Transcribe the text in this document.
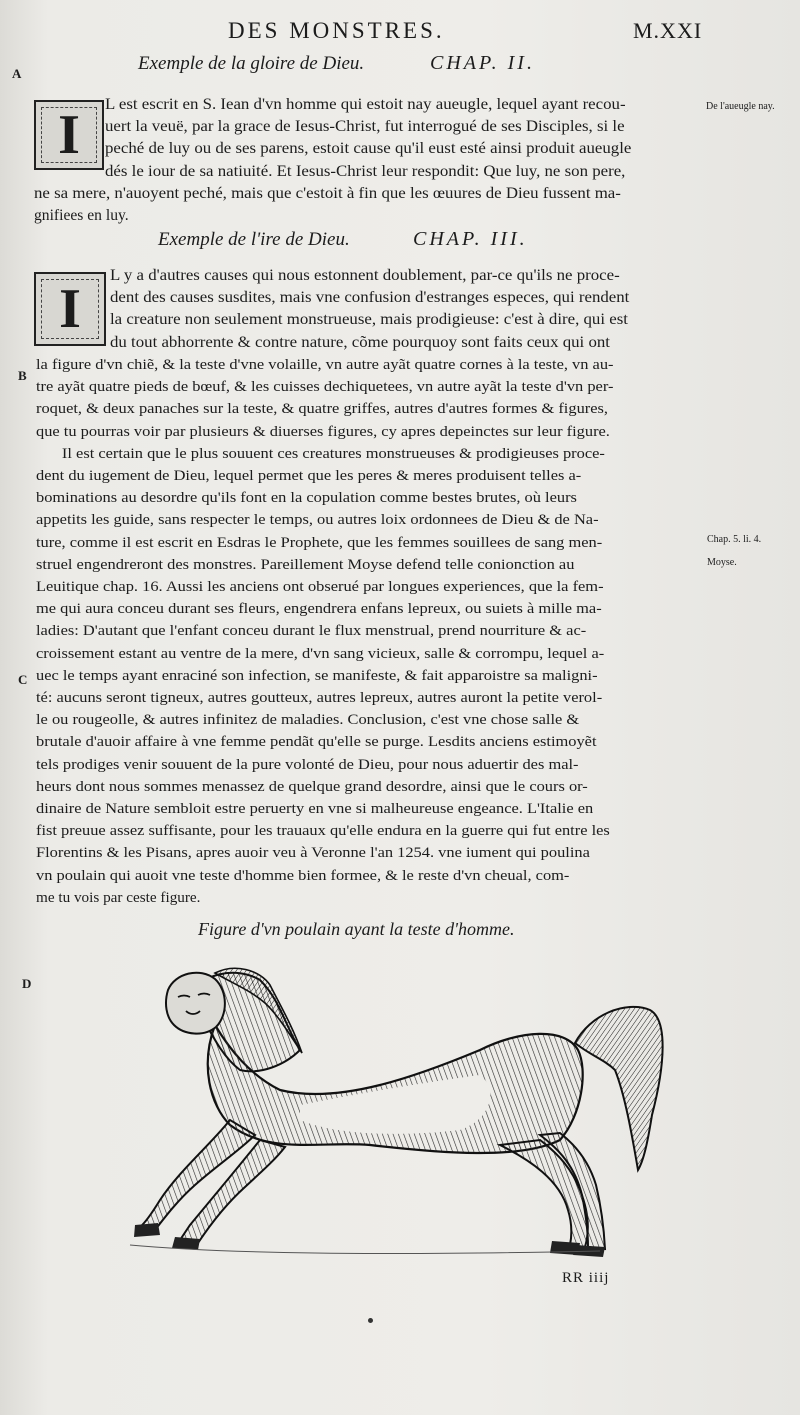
DES MONSTRES.	M.XXI
A
B
C
D
Exemple de la gloire de Dieu.	CHAP. II.
I	L est escrit en S. Iean d'vn homme qui estoit nay aueugle, lequel ayant recou-
uert la veuë, par la grace de Iesus-Christ, fut interrogué de ses Disciples, si le
peché de luy ou de ses parens, estoit cause qu'il eust esté ainsi produit aueugle
dés le iour de sa natiuité. Et Iesus-Christ leur respondit: Que luy, ne son pere,
ne sa mere, n'auoyent peché, mais que c'estoit à fin que les œuures de Dieu fussent ma-
gnifiees en luy.
De l'aueugle nay.
Exemple de l'ire de Dieu.	CHAP. III.
I
L y a d'autres causes qui nous estonnent doublement, par-ce qu'ils ne proce-
dent des causes susdites, mais vne confusion d'estranges especes, qui rendent
la creature non seulement monstrueuse, mais prodigieuse: c'est à dire, qui est
du tout abhorrente & contre nature, cõme pourquoy sont faits ceux qui ont
la figure d'vn chiẽ, & la teste d'vne volaille, vn autre ayãt quatre cornes à la teste, vn au-
tre ayãt quatre pieds de bœuf, & les cuisses dechiquetees, vn autre ayãt la teste d'vn per-
roquet, & deux panaches sur la teste, & quatre griffes, autres d'autres formes & figures,
que tu pourras voir par plusieurs & diuerses figures, cy apres depeinctes sur leur figure.
Il est certain que le plus souuent ces creatures monstrueuses & prodigieuses proce-
dent du iugement de Dieu, lequel permet que les peres & meres produisent telles a-
bominations au desordre qu'ils font en la copulation comme bestes brutes, où leurs
appetits les guide, sans respecter le temps, ou autres loix ordonnees de Dieu & de Na-
ture, comme il est escrit en Esdras le Prophete, que les femmes souillees de sang men-
struel engendreront des monstres. Pareillement Moyse defend telle conionction au
Leuitique chap. 16. Aussi les anciens ont obserué par longues experiences, que la fem-
me qui aura conceu durant ses fleurs, engendrera enfans lepreux, ou suiets à mille ma-
ladies: D'autant que l'enfant conceu durant le flux menstrual, prend nourriture & ac-
croissement estant au ventre de la mere, d'vn sang vicieux, salle & corrompu, lequel a-
uec le temps ayant enraciné son infection, se manifeste, & fait apparoistre sa maligni-
té: aucuns seront tigneux, autres goutteux, autres lepreux, autres auront la petite verol-
le ou rougeolle, & autres infinitez de maladies. Conclusion, c'est vne chose salle &
brutale d'auoir affaire à vne femme pendãt qu'elle se purge. Lesdits anciens estimoyẽt
tels prodiges venir souuent de la pure volonté de Dieu, pour nous aduertir des mal-
heurs dont nous sommes menassez de quelque grand desordre, ainsi que le cours or-
dinaire de Nature sembloit estre peruerty en vne si malheureuse engeance. L'Italie en
fist preuue assez suffisante, pour les trauaux qu'elle endura en la guerre qui fut entre les
Florentins & les Pisans, apres auoir veu à Veronne l'an 1254. vne iument qui poulina
vn poulain qui auoit vne teste d'homme bien formee, & le reste d'vn cheual, com-
me tu vois par ceste figure.
Chap. 5. li. 4.
Moyse.
Figure d'vn poulain ayant la teste d'homme.
RR iiij
